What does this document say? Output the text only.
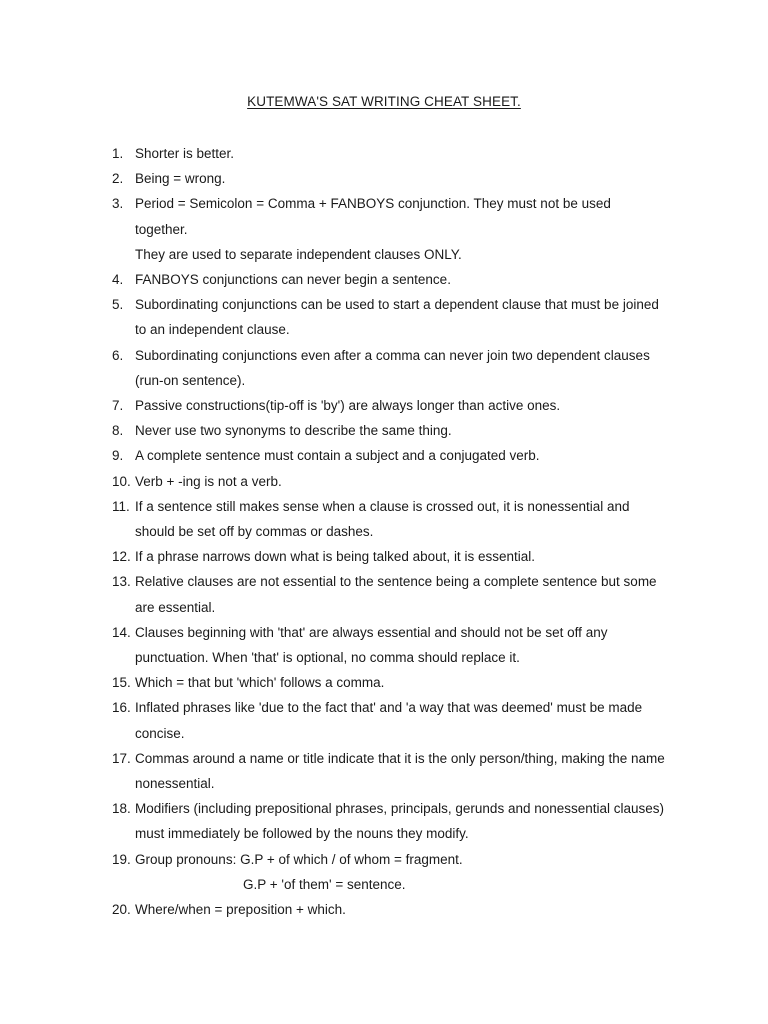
KUTEMWA'S SAT WRITING CHEAT SHEET.
1. Shorter is better.
2. Being = wrong.
3. Period = Semicolon = Comma + FANBOYS conjunction. They must not be used
together.
They are used to separate independent clauses ONLY.
4. FANBOYS conjunctions can never begin a sentence.
5. Subordinating conjunctions can be used to start a dependent clause that must be joined
to an independent clause.
6. Subordinating conjunctions even after a comma can never join two dependent clauses
(run-on sentence).
7. Passive constructions(tip-off is 'by') are always longer than active ones.
8. Never use two synonyms to describe the same thing.
9. A complete sentence must contain a subject and a conjugated verb.
10. Verb + -ing is not a verb.
11. If a sentence still makes sense when a clause is crossed out, it is nonessential and
should be set off by commas or dashes.
12. If a phrase narrows down what is being talked about, it is essential.
13. Relative clauses are not essential to the sentence being a complete sentence but some
are essential.
14. Clauses beginning with 'that' are always essential and should not be set off any
punctuation. When 'that' is optional, no comma should replace it.
15. Which = that but 'which' follows a comma.
16. Inflated phrases like 'due to the fact that' and 'a way that was deemed' must be made
concise.
17. Commas around a name or title indicate that it is the only person/thing, making the name
nonessential.
18. Modifiers (including prepositional phrases, principals, gerunds and nonessential clauses)
must immediately be followed by the nouns they modify.
19. Group pronouns: G.P + of which / of whom = fragment.
G.P + 'of them' = sentence.
20. Where/when = preposition + which.
